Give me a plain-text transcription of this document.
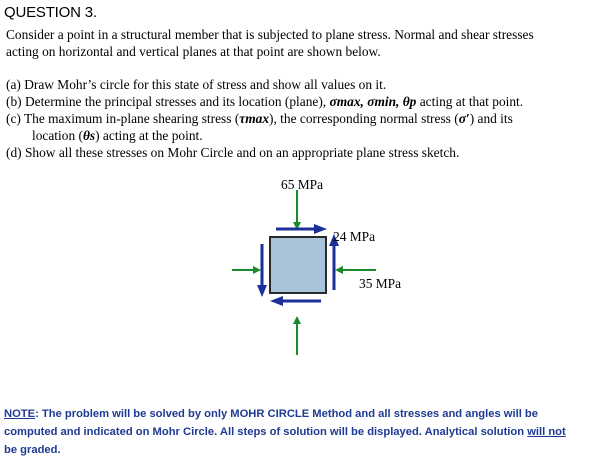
QUESTION 3.
Consider a point in a structural member that is subjected to plane stress. Normal and shear stresses
acting on horizontal and vertical planes at that point are shown below.
(a) Draw Mohr’s circle for this state of stress and show all values on it.
(b) Determine the principal stresses and its location (plane), σmax, σmin, θp acting at that point.
(c) The maximum in-plane shearing stress (τmax), the corresponding normal stress (σ′) and its
location (θs) acting at the point.
(d) Show all these stresses on Mohr Circle and on an appropriate plane stress sketch.
65 MPa
24 MPa
35 MPa
NOTE: The problem will be solved by only MOHR CIRCLE Method and all stresses and angles will be
computed and indicated on Mohr Circle. All steps of solution will be displayed. Analytical solution will not
be graded.
